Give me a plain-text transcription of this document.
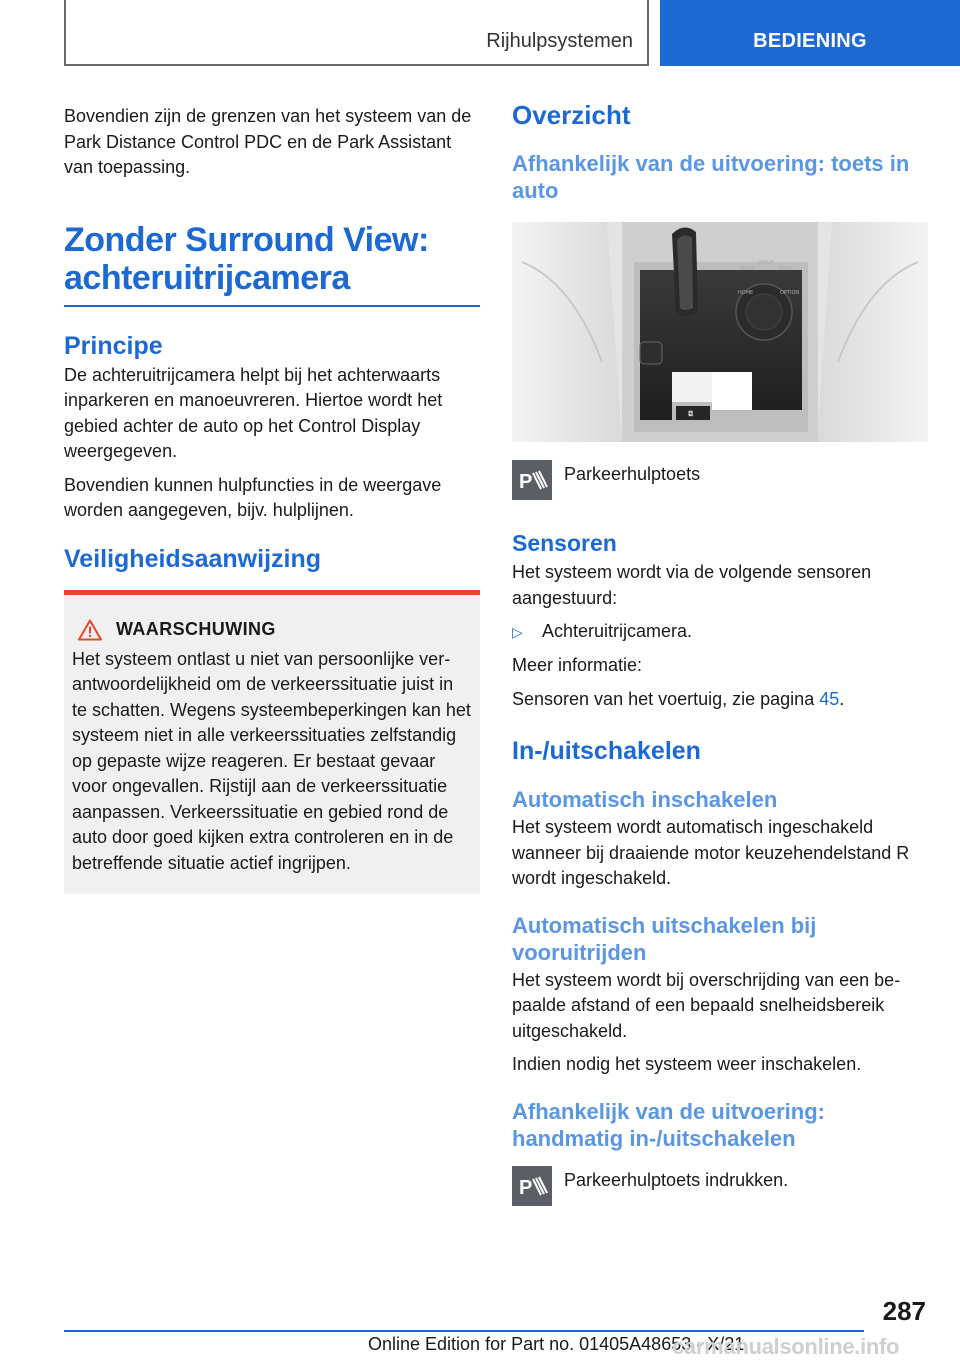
Rijhulpsystemen	BEDIENING

Bovendien zijn de grenzen van het systeem van de Park Distance Control PDC en de Park Assistant van toepassing.

Zonder Surround View: achteruitrijcamera
Principe

De achteruitrijcamera helpt bij het achterwaarts inparkeren en manoeuvreren. Hiertoe wordt het gebied achter de auto op het Control Display weergegeven.

Bovendien kunnen hulpfuncties in de weergave worden aangegeven, bijv. hulplijnen.

Veiligheidsaanwijzing
WAARSCHUWING

Het systeem ontlast u niet van persoonlijke verantwoordelijkheid om de verkeerssituatie juist in te schatten. Wegens systeembeperkingen kan het systeem niet in alle verkeerssituaties zelfstandig op gepaste wijze reageren. Er bestaat gevaar voor ongevallen. Rijstijl aan de verkeerssituatie aanpassen. Verkeerssituatie en gebied rond de auto door goed kijken extra controleren en in de betreffende situatie actief ingrijpen.

Overzicht
Afhankelijk van de uitvoering: toets in auto
MODE
DRIVE
BACK
HOME	OPTION
◘
P Parkeerhulptoets
Sensoren

Het systeem wordt via de volgende sensoren aangestuurd:

▷	Achteruitrijcamera.

Meer informatie:

Sensoren van het voertuig, zie pagina 45.

In-/uitschakelen
Automatisch inschakelen

Het systeem wordt automatisch ingeschakeld wanneer bij draaiende motor keuzehendelstand R wordt ingeschakeld.

Automatisch uitschakelen bij vooruitrijden

Het systeem wordt bij overschrijding van een bepaalde afstand of een bepaald snelheidsbereik uitgeschakeld.

Indien nodig het systeem weer inschakelen.

Afhankelijk van de uitvoering: handmatig in-/uitschakelen
P Parkeerhulptoets indrukken.
287
Online Edition for Part no. 01405A48653 - X/21
carmanualsonline.info
